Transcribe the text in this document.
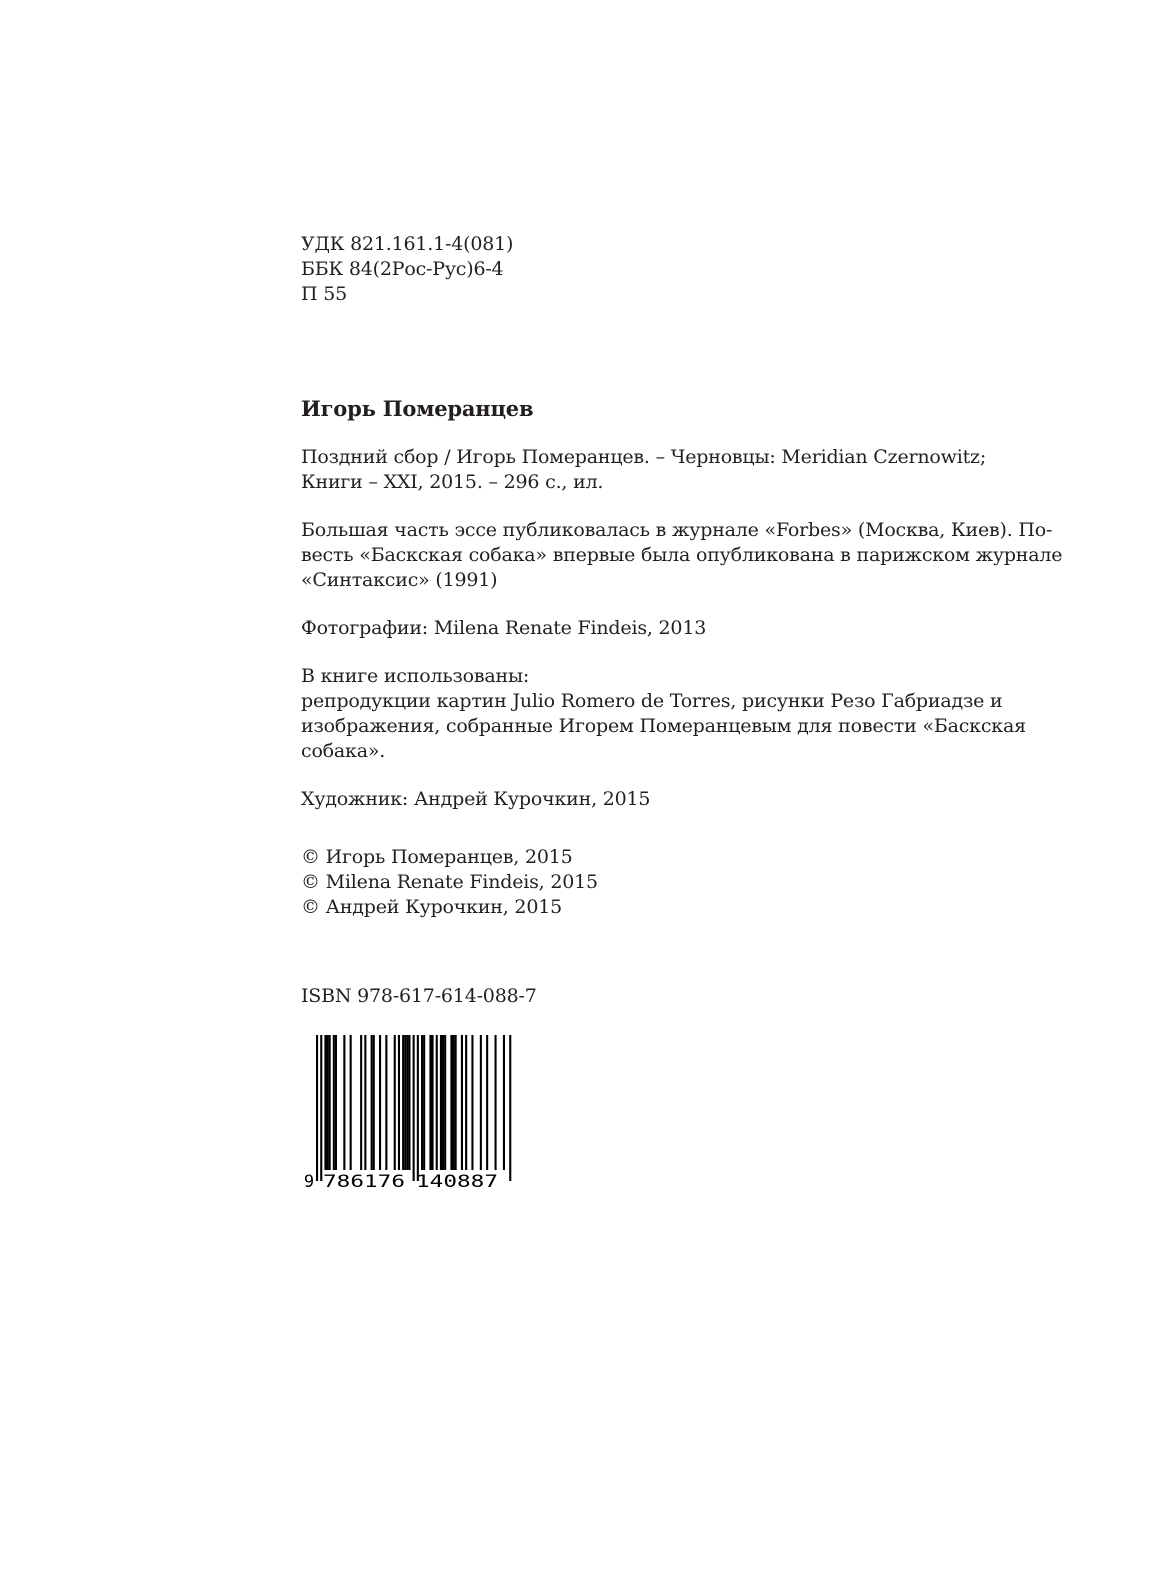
УДК 821.161.1-4(081)
ББК 84(2Рос-Рус)6-4
П 55
Игорь Померанцев
Поздний сбор / Игорь Померанцев. – Черновцы: Meridian Czernowitz;
Книги – XXI, 2015. – 296 с., ил.
Большая часть эссе публиковалась в журнале «Forbes» (Москва, Киев). По-
весть «Баскская собака» впервые была опубликована в парижском журнале
«Синтаксис» (1991)
Фотографии: Milena Renate Findeis, 2013
В книге использованы:
репродукции картин Julio Romero de Torres, рисунки Резо Габриадзе и
изображения, собранные Игорем Померанцевым для повести «Баскская
собака».
Художник: Андрей Курочкин, 2015
© Игорь Померанцев, 2015
© Milena Renate Findeis, 2015
© Андрей Курочкин, 2015
ISBN 978-617-614-088-7
9 786176 140887
